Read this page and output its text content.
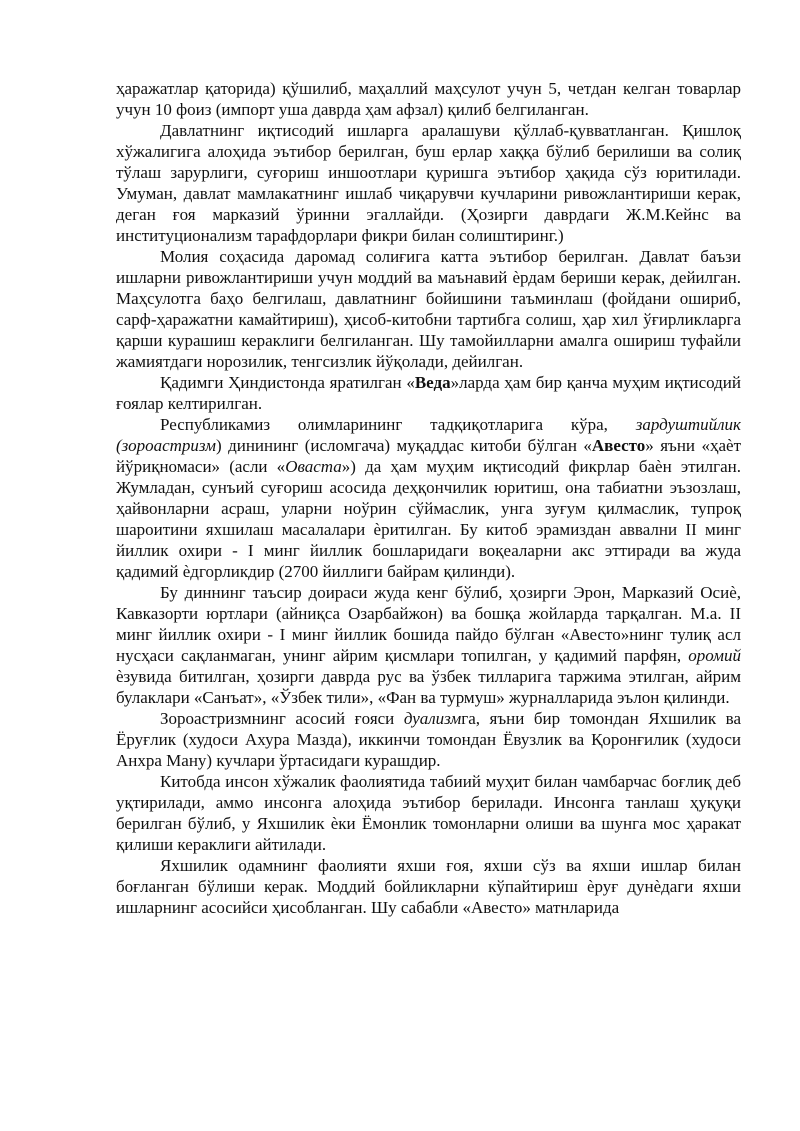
ҳаражатлар қаторида) қўшилиб, маҳаллий маҳсулот учун 5, четдан келган товарлар учун 10 фоиз (импорт уша даврда ҳам афзал) қилиб белгиланган.

Давлатнинг иқтисодий ишларга аралашуви қўллаб-қувватланган. Қишлоқ хўжалигига алоҳида эътибор берилган, буш ерлар хаққа бўлиб берилиши ва солиқ тўлаш зарурлиги, суғориш иншоотлари қуришга эътибор ҳақида сўз юритилади. Умуман, давлат мамлакатнинг ишлаб чиқарувчи кучларини ривожлантириши керак, деган ғоя марказий ўринни эгаллайди. (Ҳозирги даврдаги Ж.М.Кейнс ва институционализм тарафдорлари фикри билан солиштиринг.)

Молия соҳасида даромад солиғига катта эътибор берилган. Давлат баъзи ишларни ривожлантириши учун моддий ва маънавий ѐрдам бериши керак, дейилган. Маҳсулотга баҳо белгилаш, давлатнинг бойишини таъминлаш (фойдани ошириб, сарф-ҳаражатни камайтириш), ҳисоб-китобни тартибга солиш, ҳар хил ўғирликларга қарши курашиш кераклиги белгиланган. Шу тамойилларни амалга ошириш туфайли жамиятдаги норозилик, тенгсизлик йўқолади, дейилган.

Қадимги Ҳиндистонда яратилган «Веда»ларда ҳам бир қанча муҳим иқтисодий ғоялар келтирилган.

Республикамиз олимларининг тадқиқотларига кўра, зардуштийлик (зороастризм) динининг (исломгача) муқаддас китоби бўлган «Авесто» яъни «ҳаѐт йўриқномаси» (асли «Оваста») да ҳам муҳим иқтисодий фикрлар баѐн этилган. Жумладан, сунъий суғориш асосида деҳқончилик юритиш, она табиатни эъзозлаш, ҳайвонларни асраш, уларни ноўрин сўймаслик, унга зуғум қилмаслик, тупроқ шароитини яхшилаш масалалари ѐритилган. Бу китоб эрамиздан аввални II минг йиллик охири - I минг йиллик бошларидаги воқеаларни акс эттиради ва жуда қадимий ѐдгорликдир (2700 йиллиги байрам қилинди).

Бу диннинг таъсир доираси жуда кенг бўлиб, ҳозирги Эрон, Марказий Осиѐ, Кавказорти юртлари (айниқса Озарбайжон) ва бошқа жойларда тарқалган. М.а. II минг йиллик охири - I минг йиллик бошида пайдо бўлган «Авесто»нинг тулиқ асл нусҳаси сақланмаган, унинг айрим қисмлари топилган, у қадимий парфян, оромий ѐзувида битилган, ҳозирги даврда рус ва ўзбек тилларига таржима этилган, айрим булаклари «Санъат», «Ўзбек тили», «Фан ва турмуш» журналларида эълон қилинди.

Зороастризмнинг асосий ғояси дуализмга, яъни бир томондан Яхшилик ва Ёруғлик (худоси Ахура Мазда), иккинчи томондан Ёвузлик ва Қоронғилик (худоси Анхра Ману) кучлари ўртасидаги курашдир.

Китобда инсон хўжалик фаолиятида табиий муҳит билан чамбарчас боғлиқ деб уқтирилади, аммо инсонга алоҳида эътибор берилади. Инсонга танлаш ҳуқуқи берилган бўлиб, у Яхшилик ѐки Ёмонлик томонларни олиши ва шунга мос ҳаракат қилиши кераклиги айтилади.

Яхшилик одамнинг фаолияти яхши ғоя, яхши сўз ва яхши ишлар билан боғланган бўлиши керак. Моддий бойликларни кўпайтириш ѐруғ дунѐдаги яхши ишларнинг асосийси ҳисобланган. Шу сабабли «Авесто» матнларида
